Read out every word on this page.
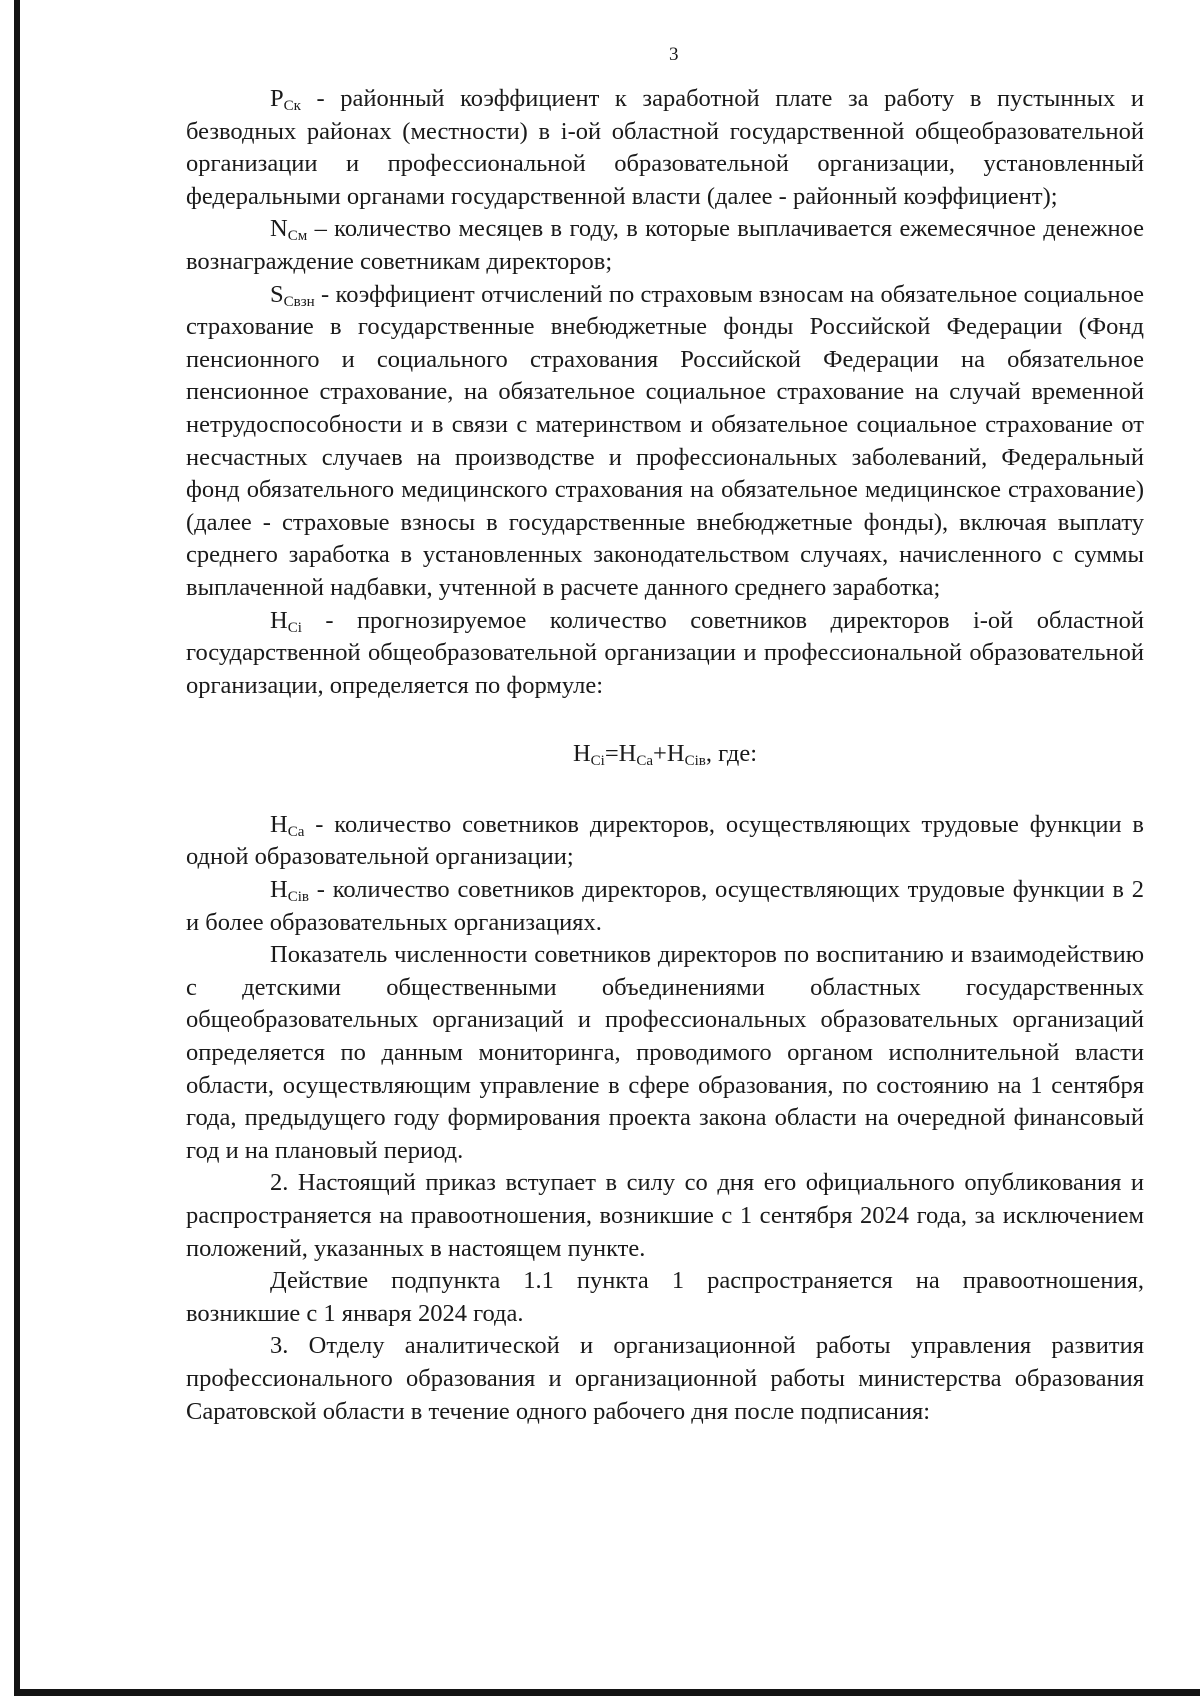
3

$P_{Ск}$ - районный коэффициент к заработной плате за работу в пустынных и безводных районах (местности) в i-ой областной государственной общеобразовательной организации и профессиональной образовательной организации, установленный федеральными органами государственной власти (далее - районный коэффициент);

$N_{См}$ – количество месяцев в году, в которые выплачивается ежемесячное денежное вознаграждение советникам директоров;

$S_{Свзн}$ - коэффициент отчислений по страховым взносам на обязательное социальное страхование в государственные внебюджетные фонды Российской Федерации (Фонд пенсионного и социального страхования Российской Федерации на обязательное пенсионное страхование, на обязательное социальное страхование на случай временной нетрудоспособности и в связи с материнством и обязательное социальное страхование от несчастных случаев на производстве и профессиональных заболеваний, Федеральный фонд обязательного медицинского страхования на обязательное медицинское страхование) (далее - страховые взносы в государственные внебюджетные фонды), включая выплату среднего заработка в установленных законодательством случаях, начисленного с суммы выплаченной надбавки, учтенной в расчете данного среднего заработка;

$Н_{Сi}$ - прогнозируемое количество советников директоров i-ой областной государственной общеобразовательной организации и профессиональной образовательной организации, определяется по формуле:

$Н_{Сi}=Н_{Са}+Н_{Сiв}$, где:

$Н_{Са}$ - количество советников директоров, осуществляющих трудовые функции в одной образовательной организации;

$Н_{Сiв}$ - количество советников директоров, осуществляющих трудовые функции в 2 и более образовательных организациях.

Показатель численности советников директоров по воспитанию и взаимодействию с детскими общественными объединениями областных государственных общеобразовательных организаций и профессиональных образовательных организаций определяется по данным мониторинга, проводимого органом исполнительной власти области, осуществляющим управление в сфере образования, по состоянию на 1 сентября года, предыдущего году формирования проекта закона области на очередной финансовый год и на плановый период.

2. Настоящий приказ вступает в силу со дня его официального опубликования и распространяется на правоотношения, возникшие с 1 сентября 2024 года, за исключением положений, указанных в настоящем пункте.

Действие подпункта 1.1 пункта 1 распространяется на правоотношения, возникшие с 1 января 2024 года.

3. Отделу аналитической и организационной работы управления развития профессионального образования и организационной работы министерства образования Саратовской области в течение одного рабочего дня после подписания:
